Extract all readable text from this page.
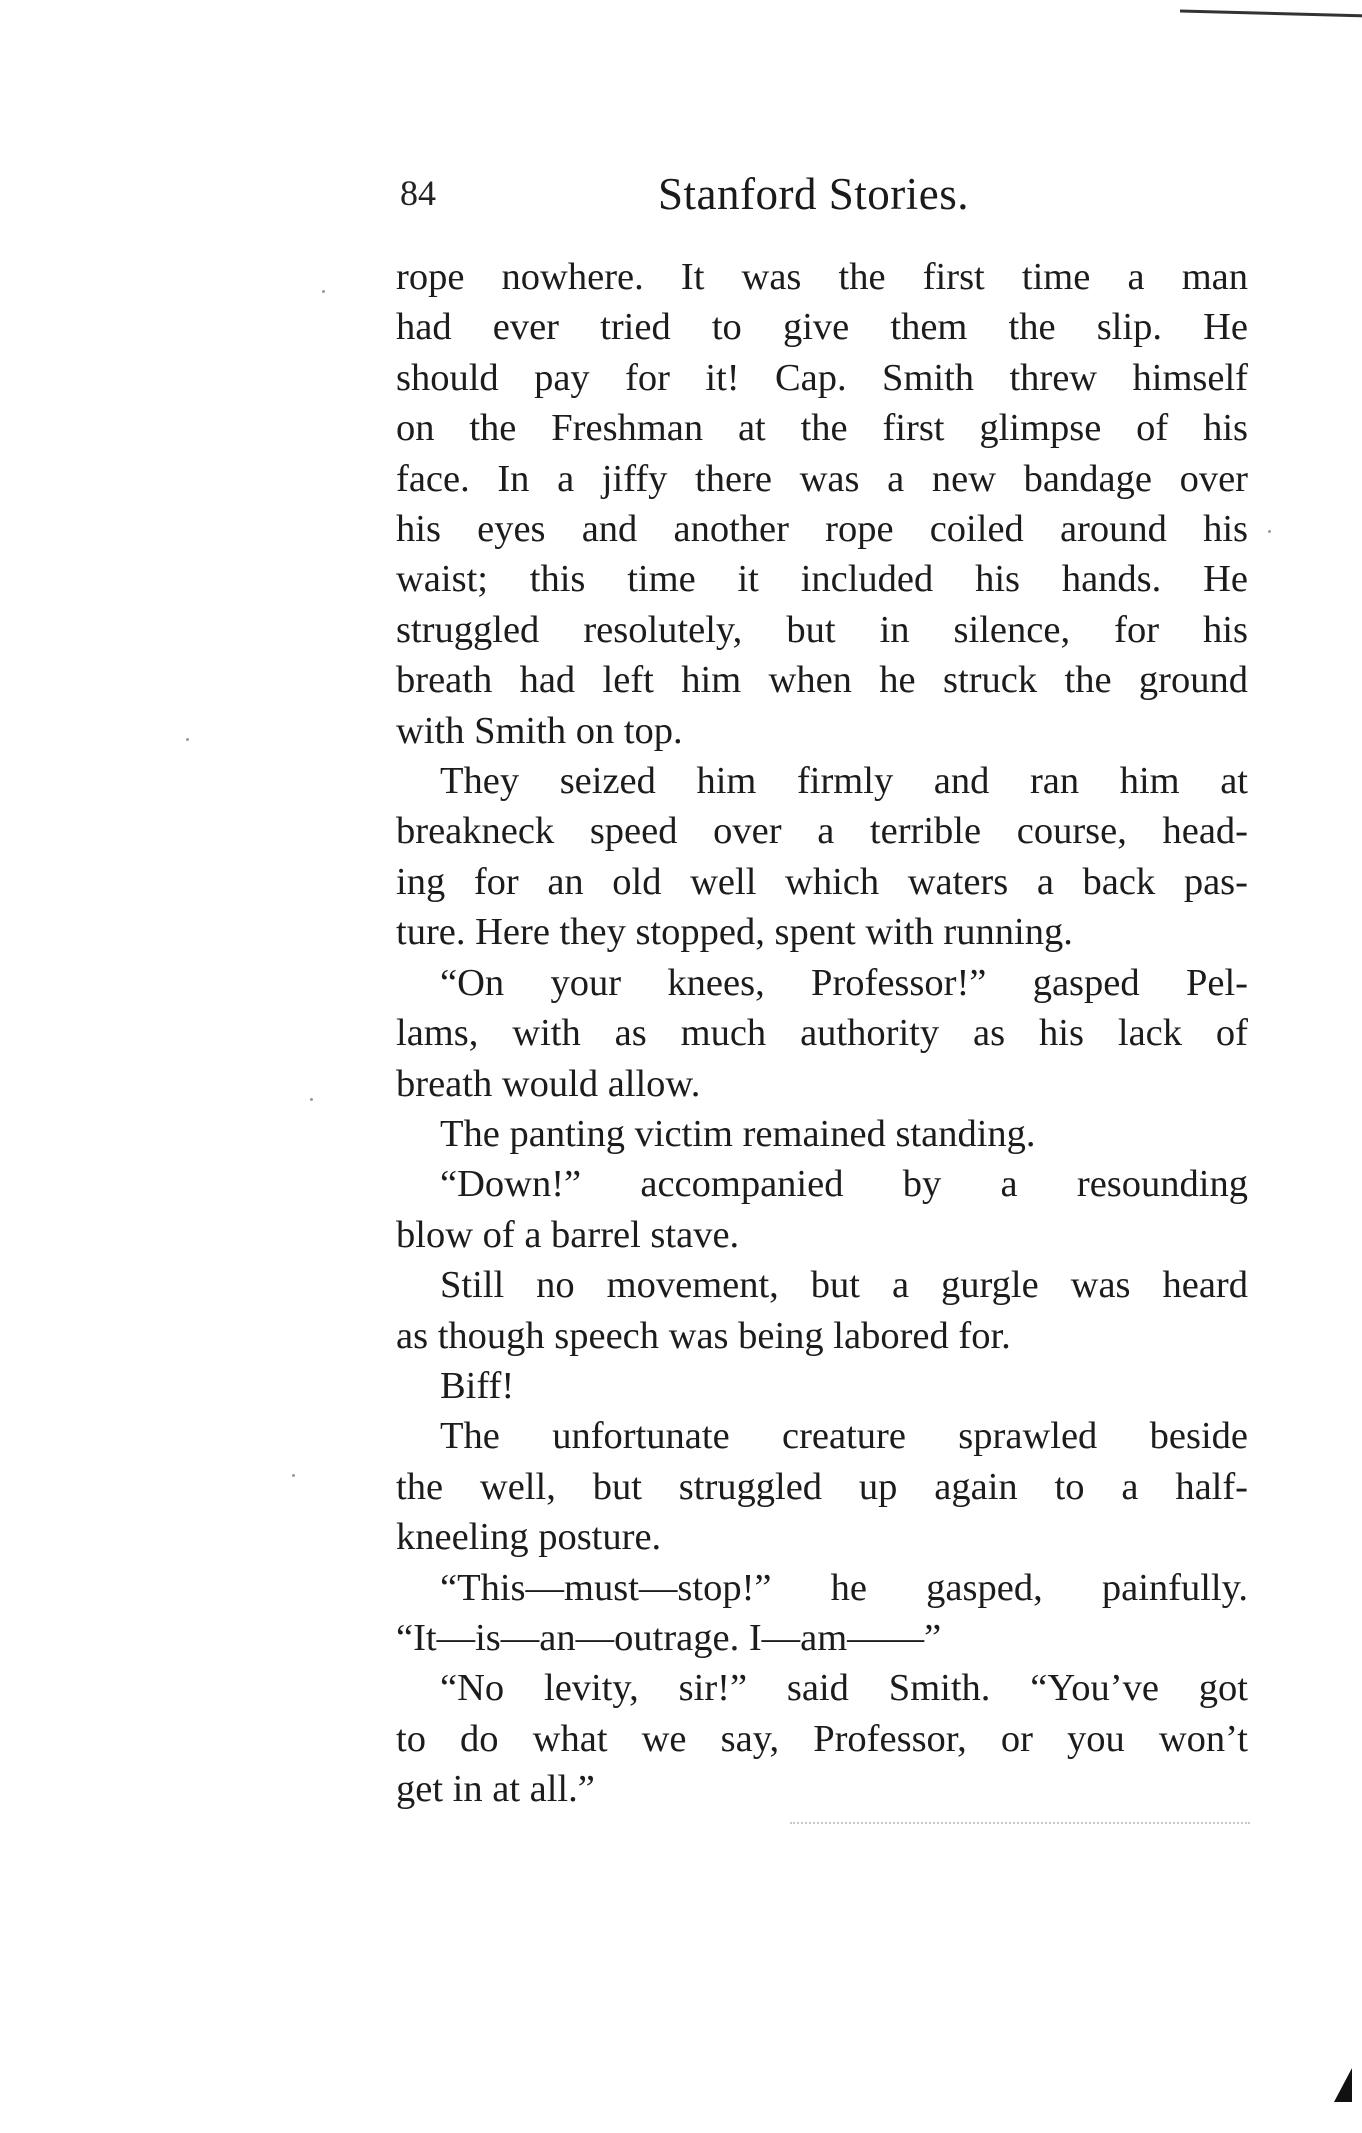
84	Stanford Stories.

rope nowhere. It was the first time a man
had ever tried to give them the slip. He
should pay for it! Cap. Smith threw himself
on the Freshman at the first glimpse of his
face. In a jiffy there was a new bandage over
his eyes and another rope coiled around his
waist; this time it included his hands. He
struggled resolutely, but in silence, for his
breath had left him when he struck the ground
with Smith on top.

They seized him firmly and ran him at
breakneck speed over a terrible course, head-
ing for an old well which waters a back pas-
ture. Here they stopped, spent with running.

“On your knees, Professor!” gasped Pel-
lams, with as much authority as his lack of
breath would allow.

The panting victim remained standing.

“Down!” accompanied by a resounding
blow of a barrel stave.

Still no movement, but a gurgle was heard
as though speech was being labored for.

Biff!

The unfortunate creature sprawled beside
the well, but struggled up again to a half-
kneeling posture.

“This—must—stop!” he gasped, painfully.
“It—is—an—outrage. I—am——”

“No levity, sir!” said Smith. “You’ve got
to do what we say, Professor, or you won’t
get in at all.”
